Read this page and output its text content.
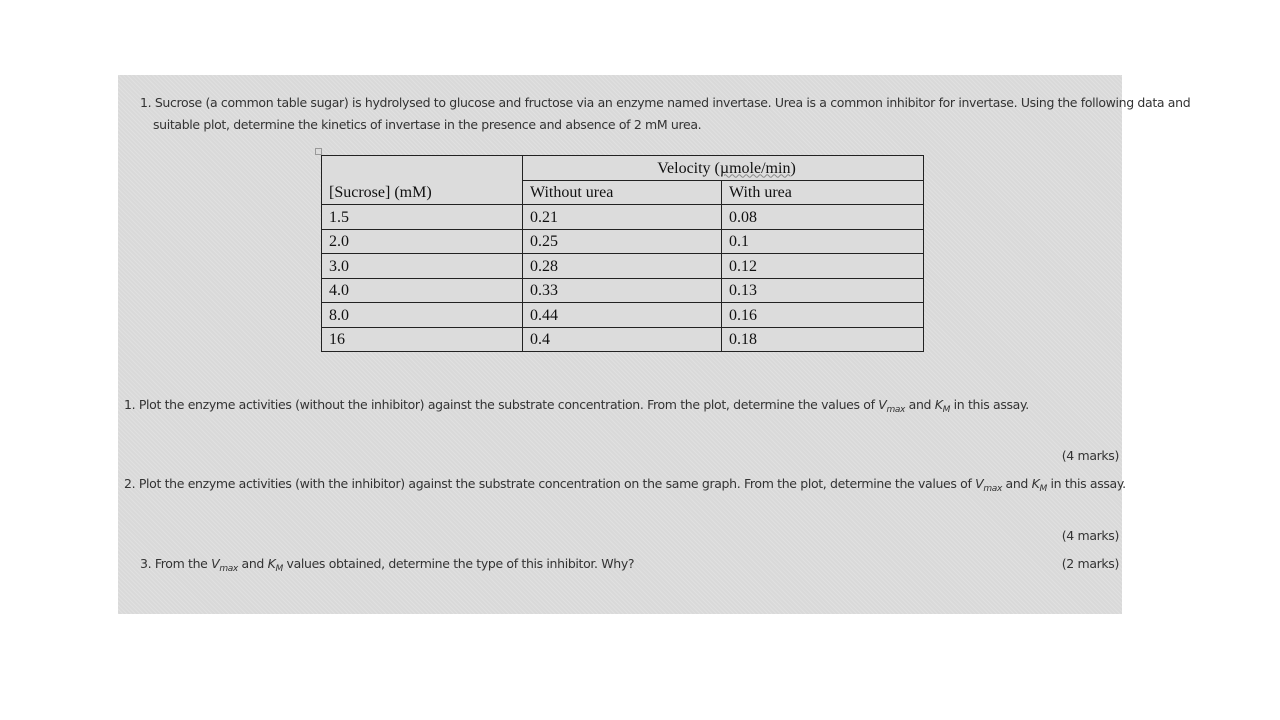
1. Sucrose (a common table sugar) is hydrolysed to glucose and fructose via an enzyme named invertase. Urea is a common inhibitor for invertase. Using the following data and
suitable plot, determine the kinetics of invertase in the presence and absence of 2 mM urea.
1. Plot the enzyme activities (without the inhibitor) against the substrate concentration. From the plot, determine the values of $V_{max}$ and $K_M$ in this assay.
(4 marks)
2. Plot the enzyme activities (with the inhibitor) against the substrate concentration on the same graph. From the plot, determine the values of $V_{max}$ and $K_M$ in this assay.
(4 marks)
3. From the $V_{max}$ and $K_M$ values obtained, determine the type of this inhibitor. Why?	(2 marks)
[Sucrose] (mM)	Velocity (µmole/min)	
	Without urea	With urea
1.5	0.21	0.08
2.0	0.25	0.1
3.0	0.28	0.12
4.0	0.33	0.13
8.0	0.44	0.16
16	0.4	0.18
